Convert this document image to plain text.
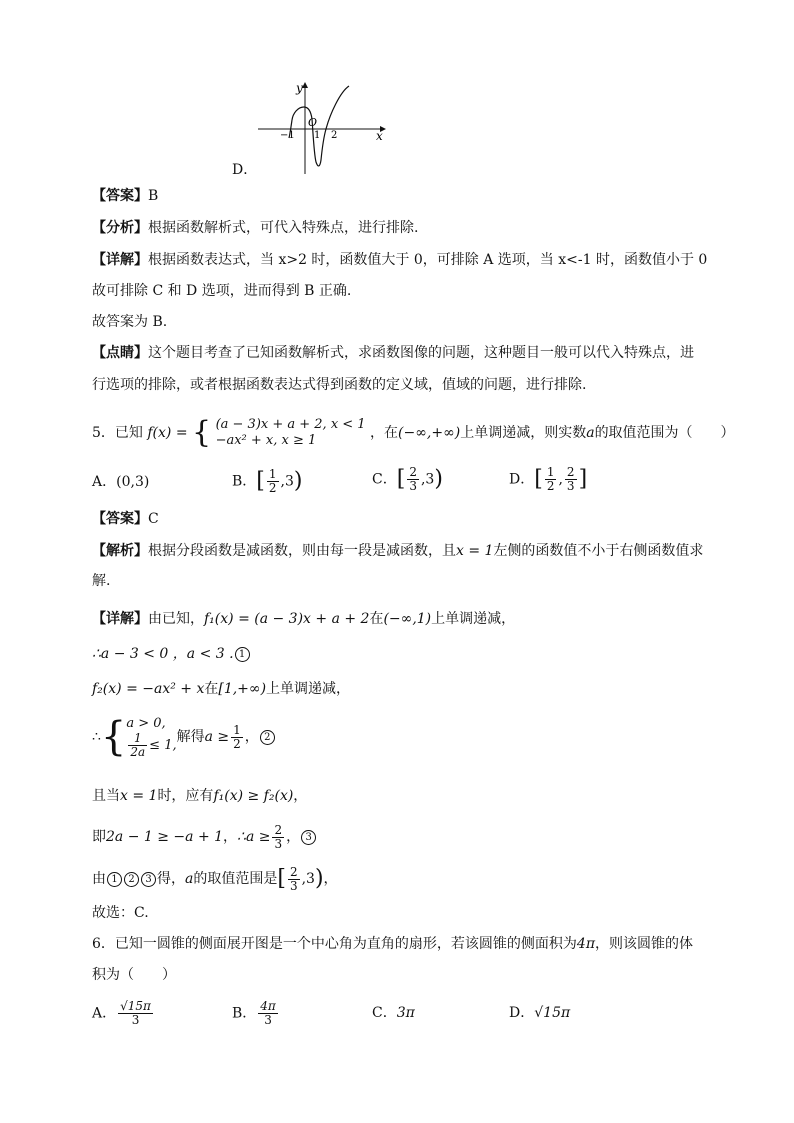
D．
y
x
O
−1 1 2
【答案】B
【分析】根据函数解析式，可代入特殊点，进行排除.
【详解】根据函数表达式，当 x>2 时，函数值大于 0，可排除 A 选项，当 x<-1 时，函数值小于 0
故可排除 C 和 D 选项，进而得到 B 正确.
故答案为 B.
【点睛】这个题目考查了已知函数解析式，求函数图像的问题，这种题目一般可以代入特殊点，进
行选项的排除，或者根据函数表达式得到函数的定义域，值域的问题，进行排除.
5．已知 f(x) = { (a − 3)x + a + 2, x < 1
−ax² + x, x ≥ 1	，在(−∞,+∞)上单调递减，则实数a的取值范围为（　　）
A．(0,3)	B．[ $\frac{1}{2} ,3$)	C．[ $\frac{2}{3} ,3$)	D．[ $\frac{1}{2}$ , $\frac{2}{3}$ ]
【答案】C
【解析】根据分段函数是减函数，则由每一段是减函数，且x = 1左侧的函数值不小于右侧函数值求
解.
【详解】由已知，f₁(x) = (a − 3)x + a + 2在(−∞,1)上单调递减，
∴a − 3 < 0 ，a < 3 . 1
f₂(x) = −ax² + x在[1,+∞)上单调递减，
∴{ a > 0,
$\frac{1}{2a} \le 1$, 解得$a \ge \frac{1}{2}$ ， 2
且当x = 1时，应有f₁(x) ≥ f₂(x)，
即2a − 1 ≥ −a + 1，∴a ≥ $\frac{2}{3}$ ， 3
由 1 2 3 得，a的取值范围是[ $\frac{2}{3} ,3$)，
故选：C.
6．已知一圆锥的侧面展开图是一个中心角为直角的扇形，若该圆锥的侧面积为4π，则该圆锥的体
积为（　　）
A． $\frac{√15\pi}{3}$	B． $\frac{4\pi}{3}$	C．3π	D．√15π
